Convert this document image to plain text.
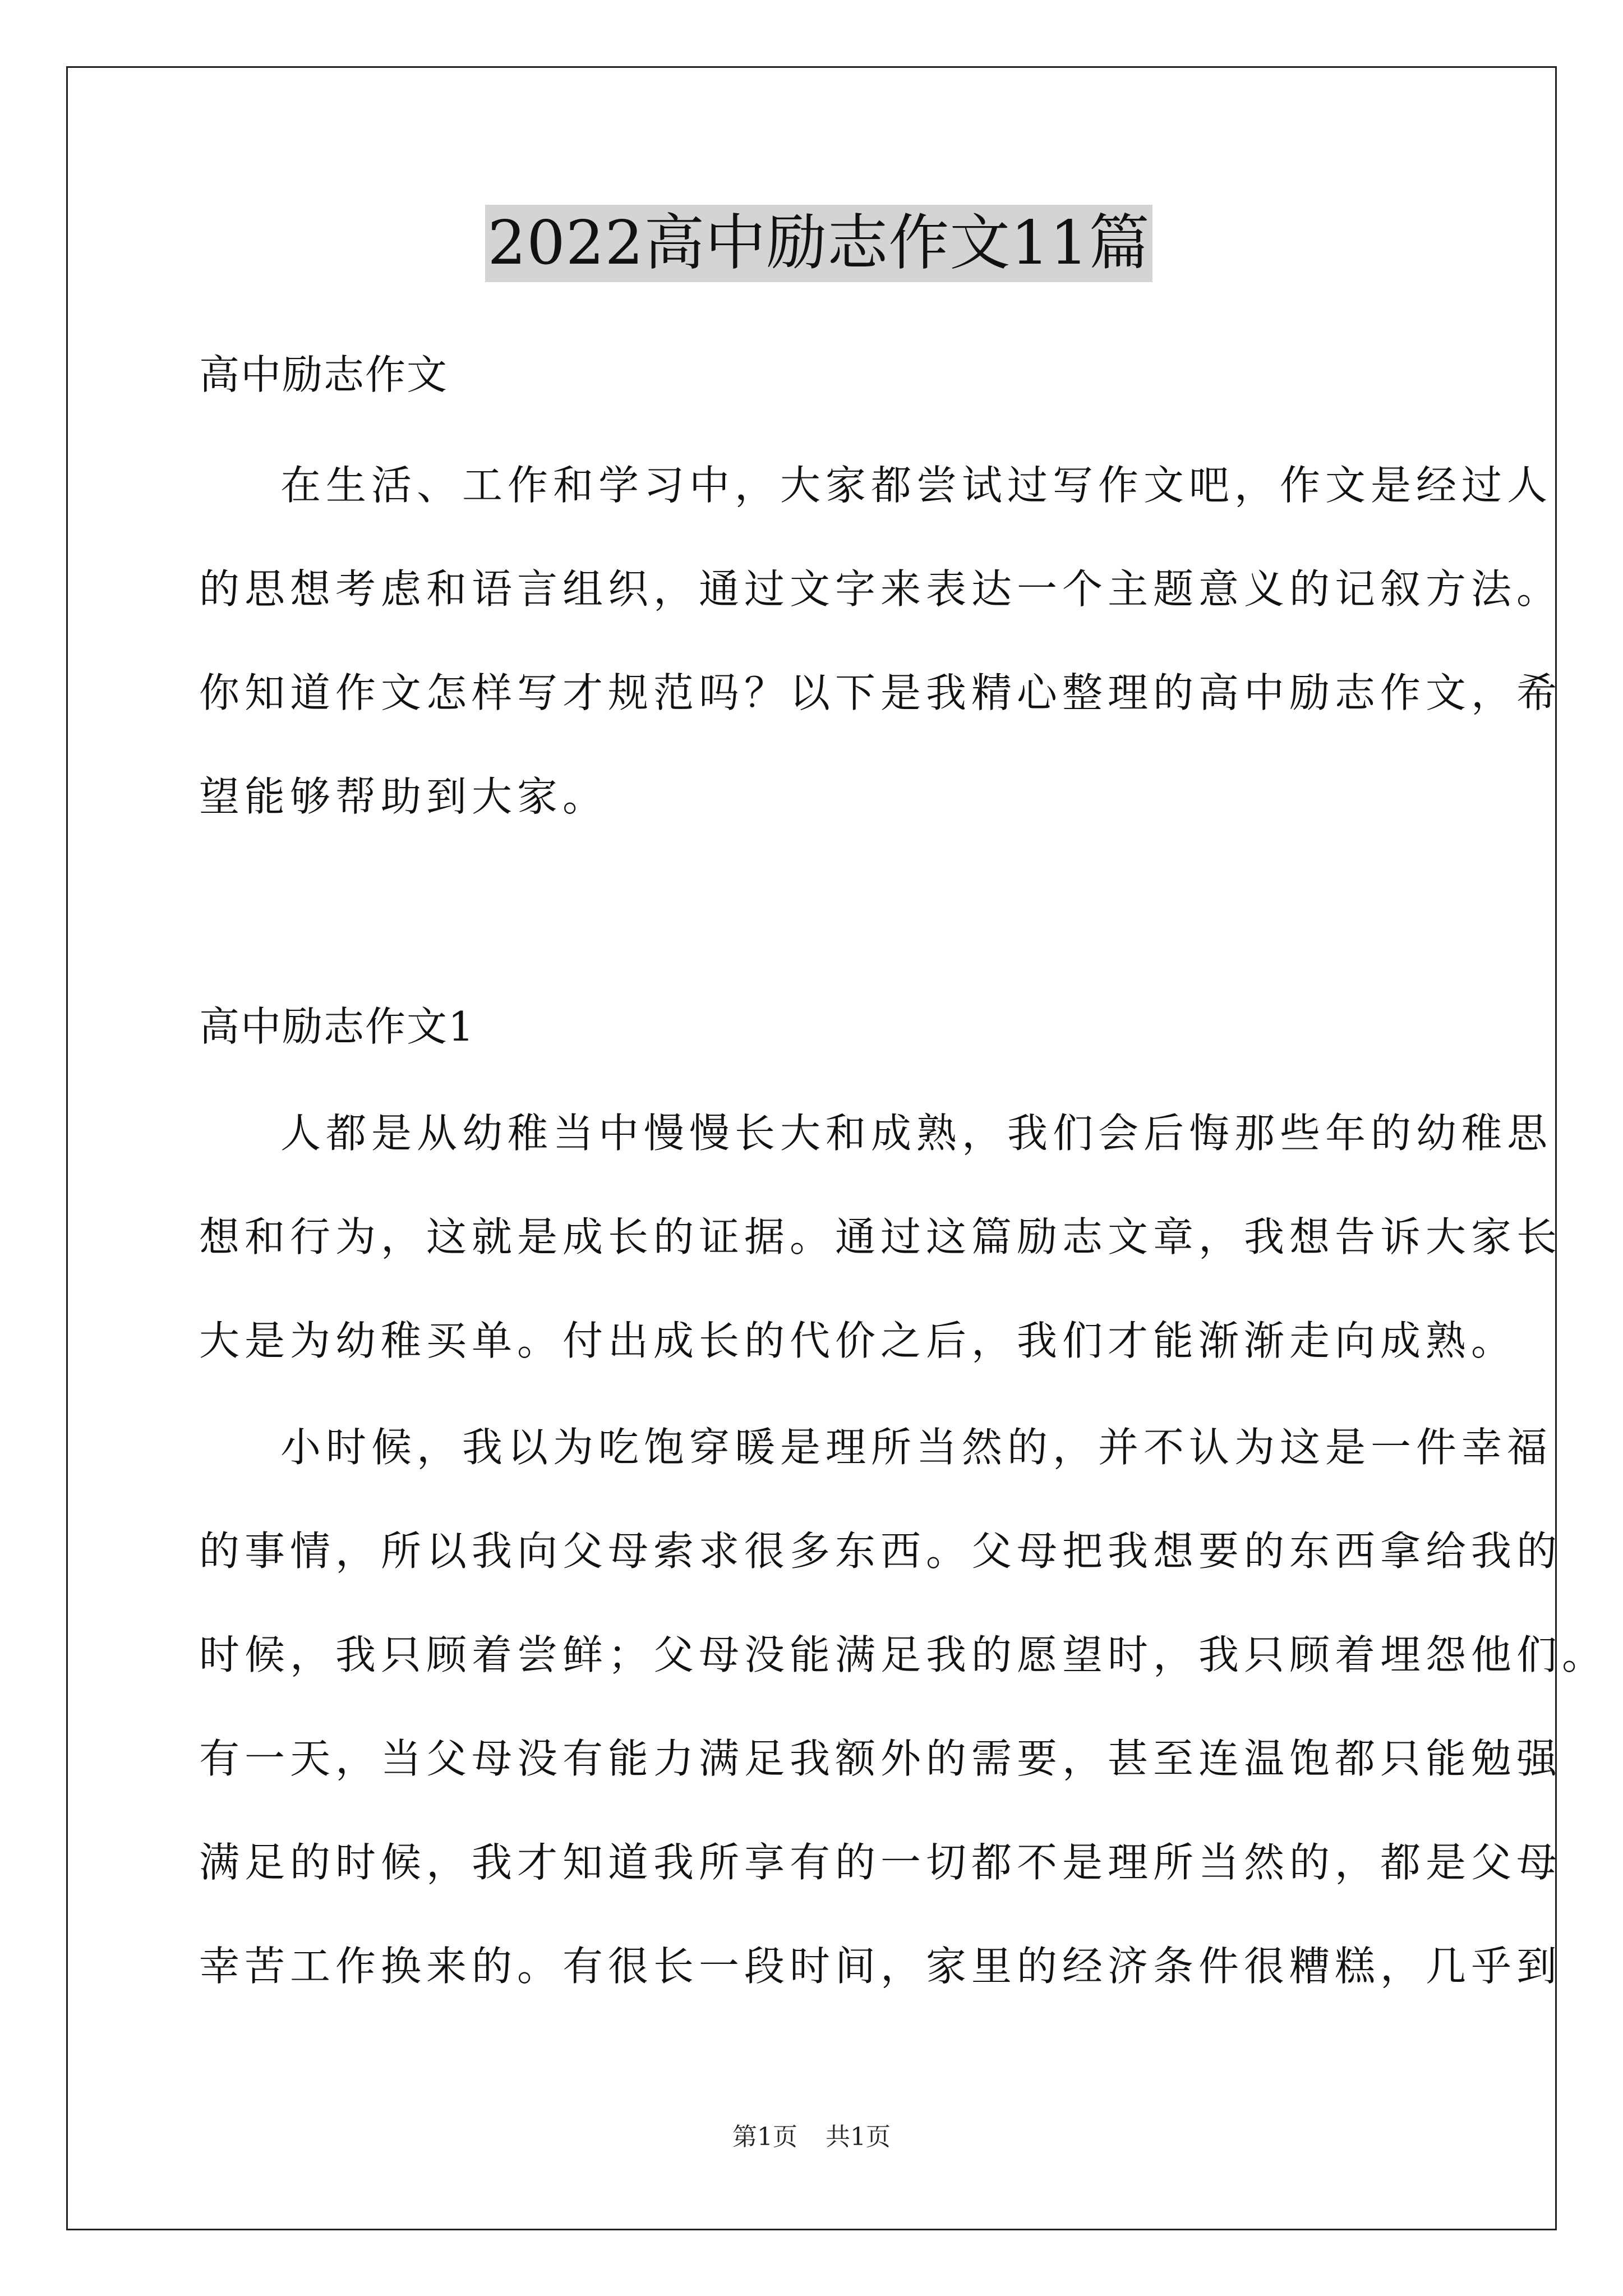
2022高中励志作文11篇
高中励志作文
在生活、工作和学习中，大家都尝试过写作文吧，作文是经过人
的思想考虑和语言组织，通过文字来表达一个主题意义的记叙方法。
你知道作文怎样写才规范吗？以下是我精心整理的高中励志作文，希
望能够帮助到大家。
高中励志作文1
人都是从幼稚当中慢慢长大和成熟，我们会后悔那些年的幼稚思
想和行为，这就是成长的证据。通过这篇励志文章，我想告诉大家长
大是为幼稚买单。付出成长的代价之后，我们才能渐渐走向成熟。
小时候，我以为吃饱穿暖是理所当然的，并不认为这是一件幸福
的事情，所以我向父母索求很多东西。父母把我想要的东西拿给我的
时候，我只顾着尝鲜；父母没能满足我的愿望时，我只顾着埋怨他们。
有一天，当父母没有能力满足我额外的需要，甚至连温饱都只能勉强
满足的时候，我才知道我所享有的一切都不是理所当然的，都是父母
幸苦工作换来的。有很长一段时间，家里的经济条件很糟糕，几乎到
第1页 共1页
